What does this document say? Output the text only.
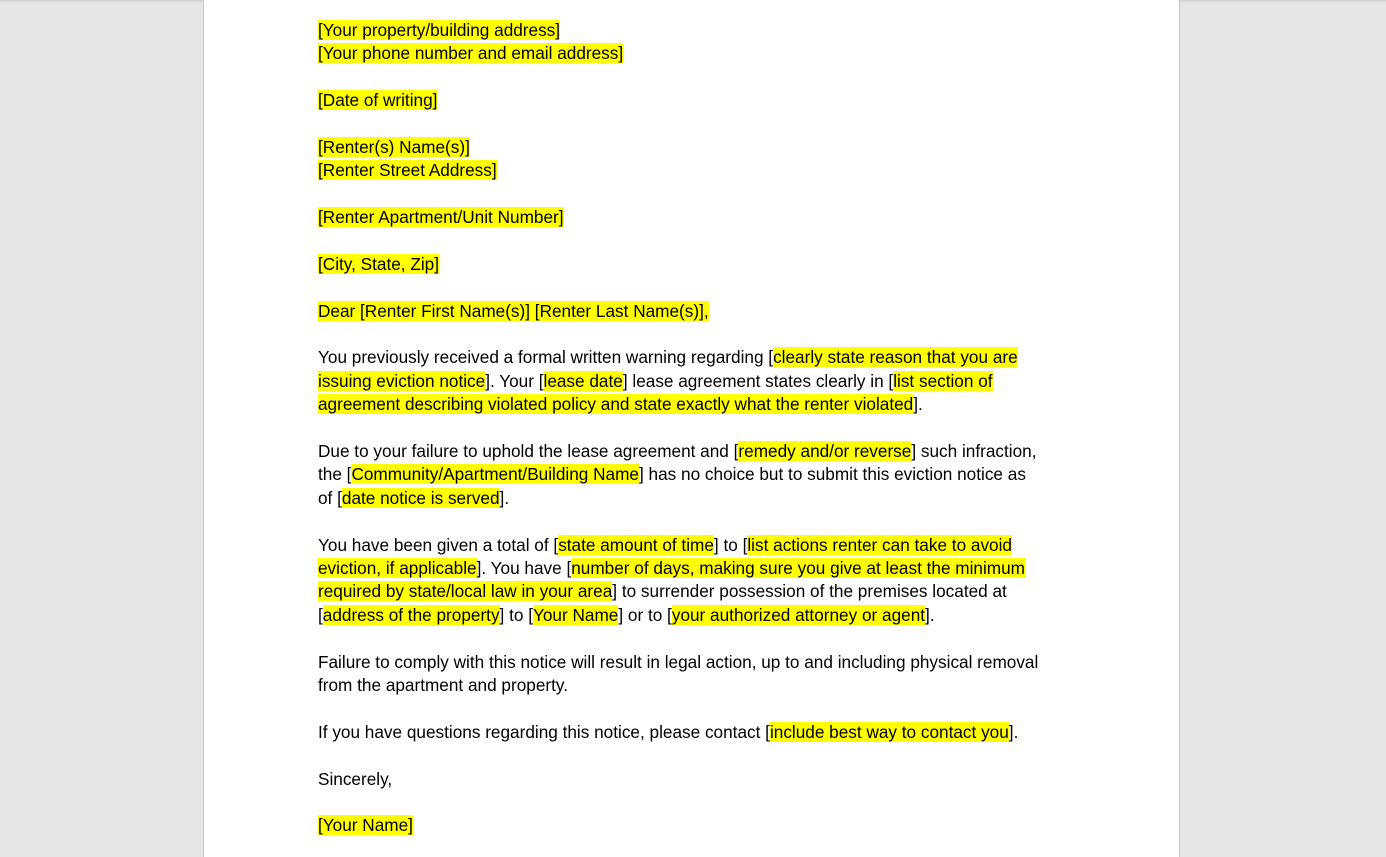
[Your property/building address]
[Your phone number and email address]
[Date of writing]
[Renter(s) Name(s)]
[Renter Street Address]
[Renter Apartment/Unit Number]
[City, State, Zip]
Dear [Renter First Name(s)] [Renter Last Name(s)],
You previously received a formal written warning regarding [clearly state reason that you are
issuing eviction notice]. Your [lease date] lease agreement states clearly in [list section of
agreement describing violated policy and state exactly what the renter violated].
Due to your failure to uphold the lease agreement and [remedy and/or reverse] such infraction,
the [Community/Apartment/Building Name] has no choice but to submit this eviction notice as
of [date notice is served].
You have been given a total of [state amount of time] to [list actions renter can take to avoid
eviction, if applicable]. You have [number of days, making sure you give at least the minimum
required by state/local law in your area] to surrender possession of the premises located at
[address of the property] to [Your Name] or to [your authorized attorney or agent].
Failure to comply with this notice will result in legal action, up to and including physical removal
from the apartment and property.
If you have questions regarding this notice, please contact [include best way to contact you].
Sincerely,
[Your Name]
